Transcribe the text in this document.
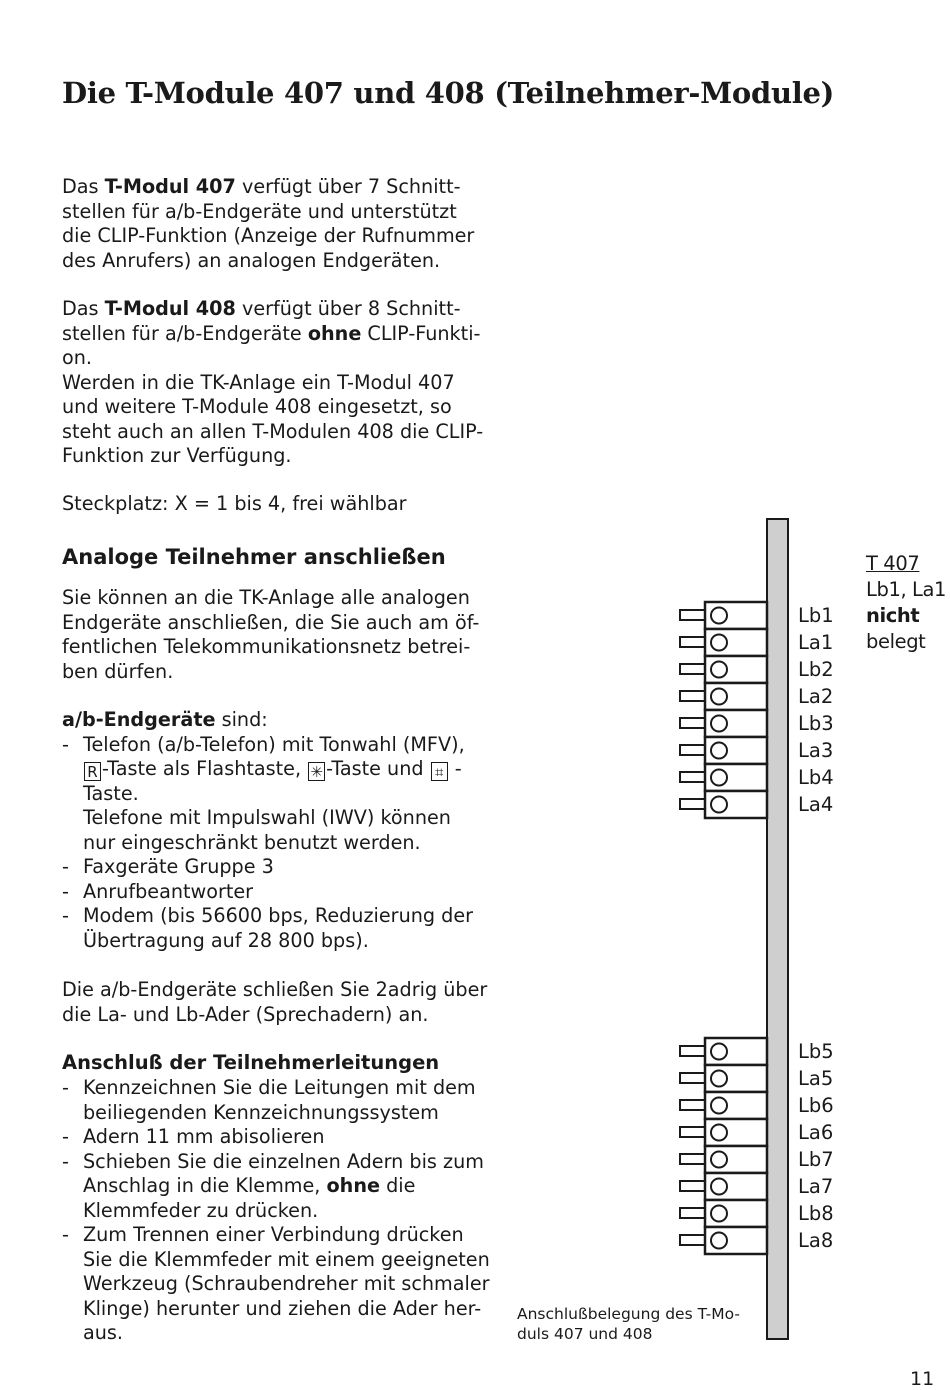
Die T-Module 407 und 408 (Teilnehmer-Module)
Das T-Modul 407 verfügt über 7 Schnitt-
stellen für a/b-Endgeräte und unterstützt
die CLIP-Funktion (Anzeige der Rufnummer
des Anrufers) an analogen Endgeräten.
Das T-Modul 408 verfügt über 8 Schnitt-
stellen für a/b-Endgeräte ohne CLIP-Funkti-
on.
Werden in die TK-Anlage ein T-Modul 407
und weitere T-Module 408 eingesetzt, so
steht auch an allen T-Modulen 408 die CLIP-
Funktion zur Verfügung.
Steckplatz: X = 1 bis 4, frei wählbar
Analoge Teilnehmer anschließen
Sie können an die TK-Anlage alle analogen
Endgeräte anschließen, die Sie auch am öf-
fentlichen Telekommunikationsnetz betrei-
ben dürfen.
a/b-Endgeräte sind:
- Telefon (a/b-Telefon) mit Tonwahl (MFV),
R -Taste als Flashtaste, ✳ -Taste und ⌗ -
Taste.
Telefone mit Impulswahl (IWV) können
nur eingeschränkt benutzt werden.
- Faxgeräte Gruppe 3
- Anrufbeantworter
- Modem (bis 56600 bps, Reduzierung der
Übertragung auf 28 800 bps).
Die a/b-Endgeräte schließen Sie 2adrig über
die La- und Lb-Ader (Sprechadern) an.
Anschluß der Teilnehmerleitungen
- Kennzeichnen Sie die Leitungen mit dem
beiliegenden Kennzeichnungssystem
- Adern 11 mm abisolieren
- Schieben Sie die einzelnen Adern bis zum
Anschlag in die Klemme, ohne die
Klemmfeder zu drücken.
- Zum Trennen einer Verbindung drücken
Sie die Klemmfeder mit einem geeigneten
Werkzeug (Schraubendreher mit schmaler
Klinge) herunter und ziehen die Ader her-
aus.
Lb1
La1
Lb2
La2
Lb3
La3
Lb4
La4
Lb5
La5
Lb6
La6
Lb7
La7
Lb8
La8
T 407
Lb1, La1
nicht
belegt
Anschlußbelegung des T-Mo-
duls 407 und 408
11
